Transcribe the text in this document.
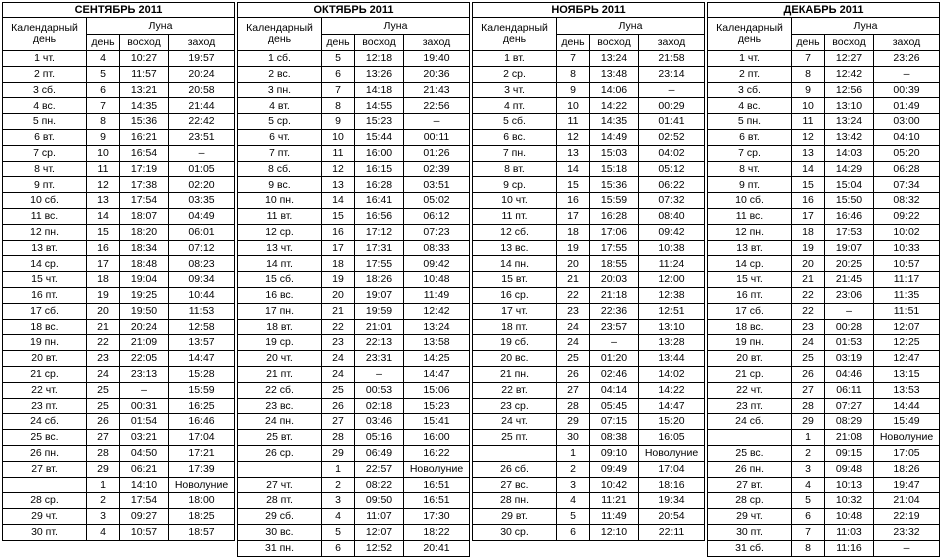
СЕНТЯБРЬ 2011			
Календарный день	Луна		
	день	восход	заход
1 чт.	4	10:27	19:57
2 пт.	5	11:57	20:24
3 сб.	6	13:21	20:58
4 вс.	7	14:35	21:44
5 пн.	8	15:36	22:42
6 вт.	9	16:21	23:51
7 ср.	10	16:54	–
8 чт.	11	17:19	01:05
9 пт.	12	17:38	02:20
10 сб.	13	17:54	03:35
11 вс.	14	18:07	04:49
12 пн.	15	18:20	06:01
13 вт.	16	18:34	07:12
14 ср.	17	18:48	08:23
15 чт.	18	19:04	09:34
16 пт.	19	19:25	10:44
17 сб.	20	19:50	11:53
18 вс.	21	20:24	12:58
19 пн.	22	21:09	13:57
20 вт.	23	22:05	14:47
21 ср.	24	23:13	15:28
22 чт.	25	–	15:59
23 пт.	25	00:31	16:25
24 сб.	26	01:54	16:46
25 вс.	27	03:21	17:04
26 пн.	28	04:50	17:21
27 вт.	29	06:21	17:39
	1	14:10	Новолуние
28 ср.	2	17:54	18:00
29 чт.	3	09:27	18:25
30 пт.	4	10:57	18:57
ОКТЯБРЬ 2011			
Календарный день	Луна		
	день	восход	заход
1 сб.	5	12:18	19:40
2 вс.	6	13:26	20:36
3 пн.	7	14:18	21:43
4 вт.	8	14:55	22:56
5 ср.	9	15:23	–
6 чт.	10	15:44	00:11
7 пт.	11	16:00	01:26
8 сб.	12	16:15	02:39
9 вс.	13	16:28	03:51
10 пн.	14	16:41	05:02
11 вт.	15	16:56	06:12
12 ср.	16	17:12	07:23
13 чт.	17	17:31	08:33
14 пт.	18	17:55	09:42
15 сб.	19	18:26	10:48
16 вс.	20	19:07	11:49
17 пн.	21	19:59	12:42
18 вт.	22	21:01	13:24
19 ср.	23	22:13	13:58
20 чт.	24	23:31	14:25
21 пт.	24	–	14:47
22 сб.	25	00:53	15:06
23 вс.	26	02:18	15:23
24 пн.	27	03:46	15:41
25 вт.	28	05:16	16:00
26 ср.	29	06:49	16:22
	1	22:57	Новолуние
27 чт.	2	08:22	16:51
28 пт.	3	09:50	16:51
29 сб.	4	11:07	17:30
30 вс.	5	12:07	18:22
31 пн.	6	12:52	20:41
НОЯБРЬ 2011			
Календарный день	Луна		
	день	восход	заход
1 вт.	7	13:24	21:58
2 ср.	8	13:48	23:14
3 чт.	9	14:06	–
4 пт.	10	14:22	00:29
5 сб.	11	14:35	01:41
6 вс.	12	14:49	02:52
7 пн.	13	15:03	04:02
8 вт.	14	15:18	05:12
9 ср.	15	15:36	06:22
10 чт.	16	15:59	07:32
11 пт.	17	16:28	08:40
12 сб.	18	17:06	09:42
13 вс.	19	17:55	10:38
14 пн.	20	18:55	11:24
15 вт.	21	20:03	12:00
16 ср.	22	21:18	12:38
17 чт.	23	22:36	12:51
18 пт.	24	23:57	13:10
19 сб.	24	–	13:28
20 вс.	25	01:20	13:44
21 пн.	26	02:46	14:02
22 вт.	27	04:14	14:22
23 ср.	28	05:45	14:47
24 чт.	29	07:15	15:20
25 пт.	30	08:38	16:05
	1	09:10	Новолуние
26 сб.	2	09:49	17:04
27 вс.	3	10:42	18:16
28 пн.	4	11:21	19:34
29 вт.	5	11:49	20:54
30 ср.	6	12:10	22:11
ДЕКАБРЬ 2011			
Календарный день	Луна		
	день	восход	заход
1 чт.	7	12:27	23:26
2 пт.	8	12:42	–
3 сб.	9	12:56	00:39
4 вс.	10	13:10	01:49
5 пн.	11	13:24	03:00
6 вт.	12	13:42	04:10
7 ср.	13	14:03	05:20
8 чт.	14	14:29	06:28
9 пт.	15	15:04	07:34
10 сб.	16	15:50	08:32
11 вс.	17	16:46	09:22
12 пн.	18	17:53	10:02
13 вт.	19	19:07	10:33
14 ср.	20	20:25	10:57
15 чт.	21	21:45	11:17
16 пт.	22	23:06	11:35
17 сб.	22	–	11:51
18 вс.	23	00:28	12:07
19 пн.	24	01:53	12:25
20 вт.	25	03:19	12:47
21 ср.	26	04:46	13:15
22 чт.	27	06:11	13:53
23 пт.	28	07:27	14:44
24 сб.	29	08:29	15:49
	1	21:08	Новолуние
25 вс.	2	09:15	17:05
26 пн.	3	09:48	18:26
27 вт.	4	10:13	19:47
28 ср.	5	10:32	21:04
29 чт.	6	10:48	22:19
30 пт.	7	11:03	23:32
31 сб.	8	11:16	–
